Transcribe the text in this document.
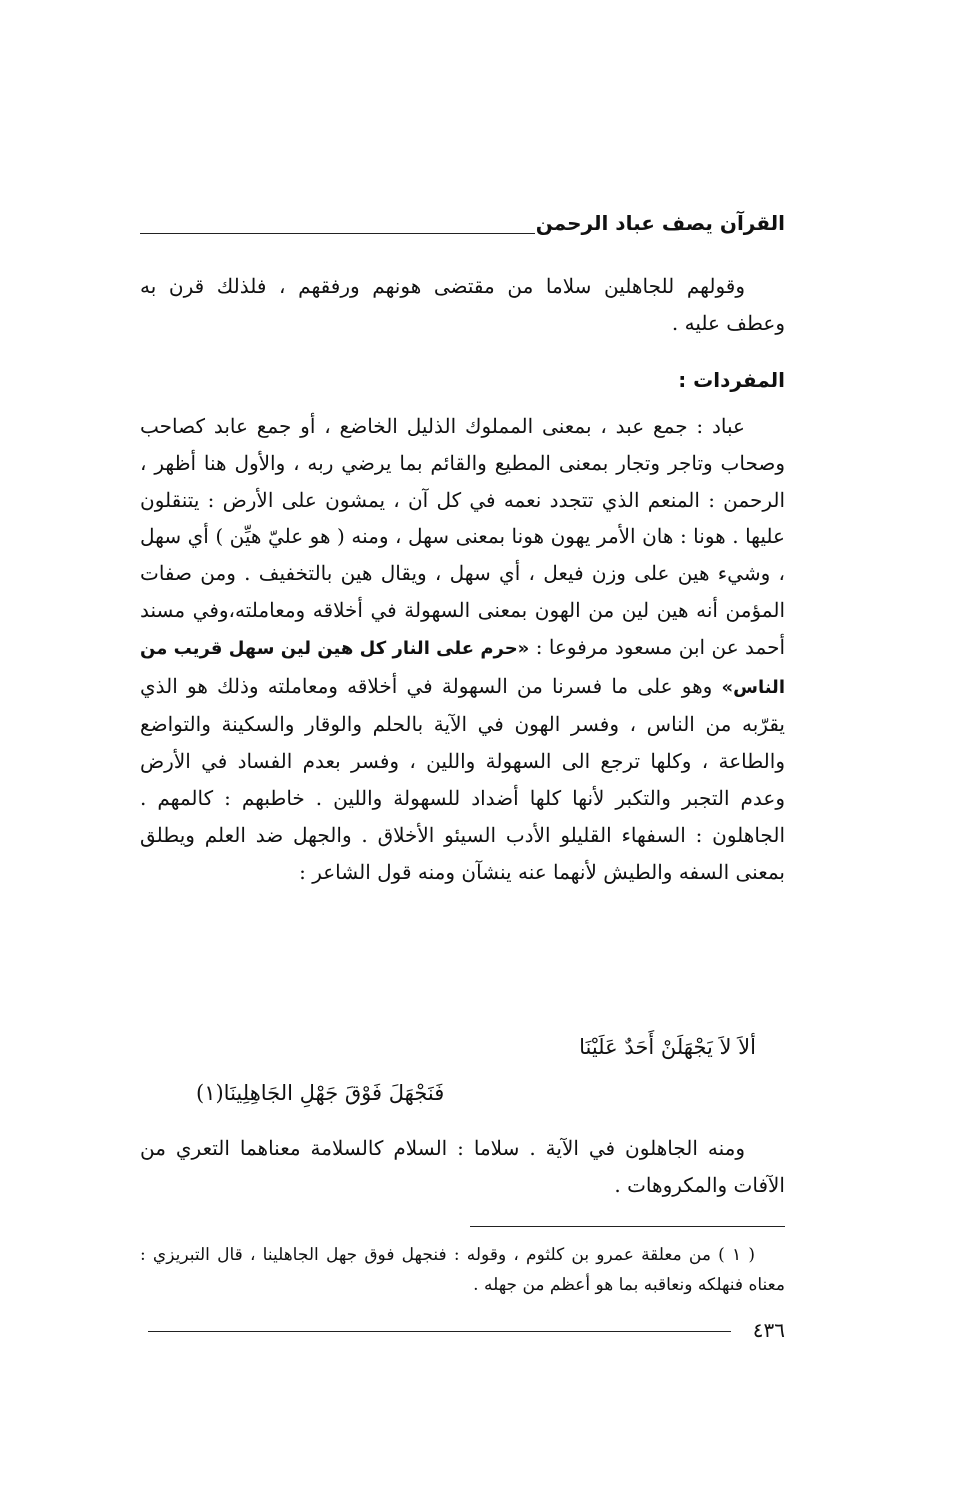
القرآن يصف عباد الرحمن

وقولهم للجاهلين سلاما من مقتضى هونهم ورفقهم ، فلذلك قرن به وعطف عليه .

المفردات :

عباد : جمع عبد ، بمعنى المملوك الذليل الخاضع ، أو جمع عابد كصاحب وصحاب وتاجر وتجار بمعنى المطيع والقائم بما يرضي ربه ، والأول هنا أظهر ، الرحمن : المنعم الذي تتجدد نعمه في كل آن ، يمشون على الأرض : يتنقلون عليها . هونا : هان الأمر يهون هونا بمعنى سهل ، ومنه ( هو عليّ هيِّن ) أي سهل ، وشيء هين على وزن فيعل ، أي سهل ، ويقال هين بالتخفيف . ومن صفات المؤمن أنه هين لين من الهون بمعنى السهولة في أخلاقه ومعاملته،وفي مسند أحمد عن ابن مسعود مرفوعا : «حرم على النار كل هين لين سهل قريب من الناس» وهو على ما فسرنا من السهولة في أخلاقه ومعاملته وذلك هو الذي يقرّبه من الناس ، وفسر الهون في الآية بالحلم والوقار والسكينة والتواضع والطاعة ، وكلها ترجع الى السهولة واللين ، وفسر بعدم الفساد في الأرض وعدم التجبر والتكبر لأنها كلها أضداد للسهولة واللين . خاطبهم : كالمهم . الجاهلون : السفهاء القليلو الأدب السيئو الأخلاق . والجهل ضد العلم ويطلق بمعنى السفه والطيش لأنهما عنه ينشآن ومنه قول الشاعر :

ألاَ لاَ يَجْهَلَنْ أَحَدٌ عَلَيْنَا
فَنَجْهَلَ فَوْقَ جَهْلِ الجَاهِلِينَا(١)

ومنه الجاهلون في الآية . سلاما : السلام كالسلامة معناهما التعري من الآفات والمكروهات .

( ١ ) من معلقة عمرو بن كلثوم ، وقوله : فنجهل فوق جهل الجاهلينا ، قال التبريزي : معناه فنهلكه ونعاقبه بما هو أعظم من جهله .

٤٣٦
